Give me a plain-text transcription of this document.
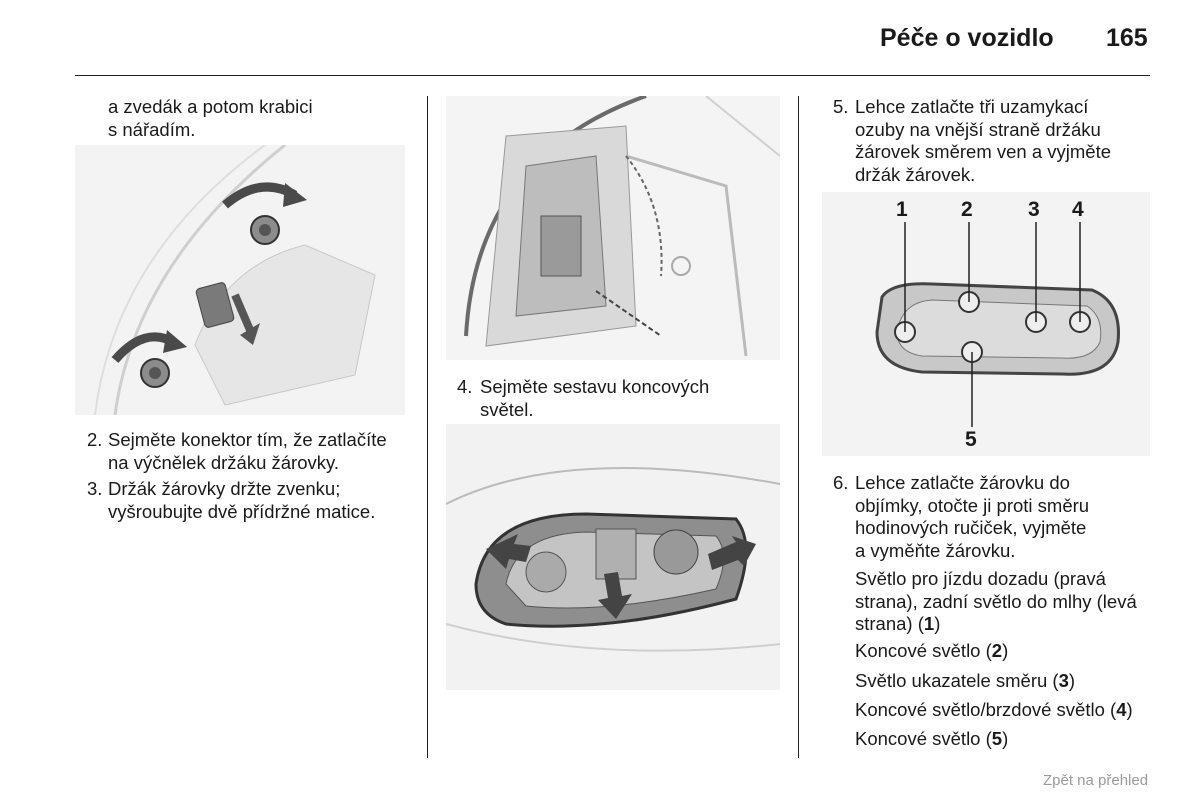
Péče o vozidlo 165
a zvedák a potom krabici
s nářadím.
2. Sejměte konektor tím, že zatlačíte
na výčnělek držáku žárovky.
3. Držák žárovky držte zvenku;
vyšroubujte dvě přídržné matice.
4. Sejměte sestavu koncových
světel.
5. Lehce zatlačte tři uzamykací
ozuby na vnější straně držáku
žárovek směrem ven a vyjměte
držák žárovek.
1	2	3 4
5
6. Lehce zatlačte žárovku do
objímky, otočte ji proti směru
hodinových ručiček, vyjměte
a vyměňte žárovku.
Světlo pro jízdu dozadu (pravá
strana), zadní světlo do mlhy (levá
strana) (1)
Koncové světlo (2)
Světlo ukazatele směru (3)
Koncové světlo/brzdové světlo (4)
Koncové světlo (5)
Zpět na přehled
